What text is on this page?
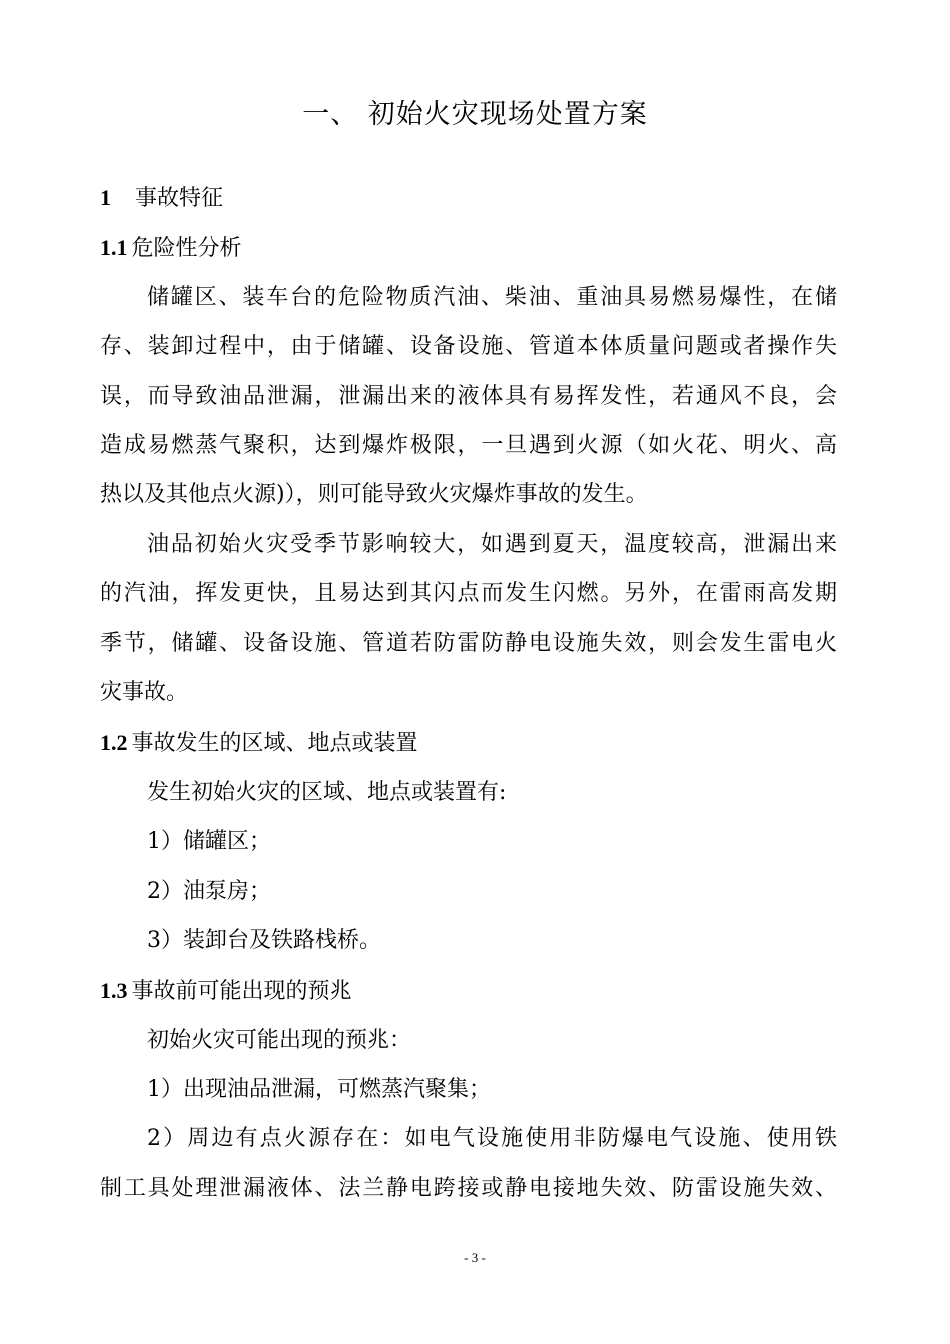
一、 初始火灾现场处置方案
1 事故特征
1.1 危险性分析
储罐区、装车台的危险物质汽油、柴油、重油具易燃易爆性，在储
存、装卸过程中，由于储罐、设备设施、管道本体质量问题或者操作失
误，而导致油品泄漏，泄漏出来的液体具有易挥发性，若通风不良，会
造成易燃蒸气聚积，达到爆炸极限，一旦遇到火源（如火花、明火、高
热以及其他点火源)），则可能导致火灾爆炸事故的发生。
油品初始火灾受季节影响较大，如遇到夏天，温度较高，泄漏出来
的汽油，挥发更快，且易达到其闪点而发生闪燃。另外，在雷雨高发期
季节，储罐、设备设施、管道若防雷防静电设施失效，则会发生雷电火
灾事故。
1.2 事故发生的区域、地点或装置
发生初始火灾的区域、地点或装置有:
1）储罐区；
2）油泵房；
3）装卸台及铁路栈桥。
1.3 事故前可能出现的预兆
初始火灾可能出现的预兆：
1）出现油品泄漏，可燃蒸汽聚集；
2）周边有点火源存在：如电气设施使用非防爆电气设施、使用铁
制工具处理泄漏液体、法兰静电跨接或静电接地失效、防雷设施失效、
- 3 -
